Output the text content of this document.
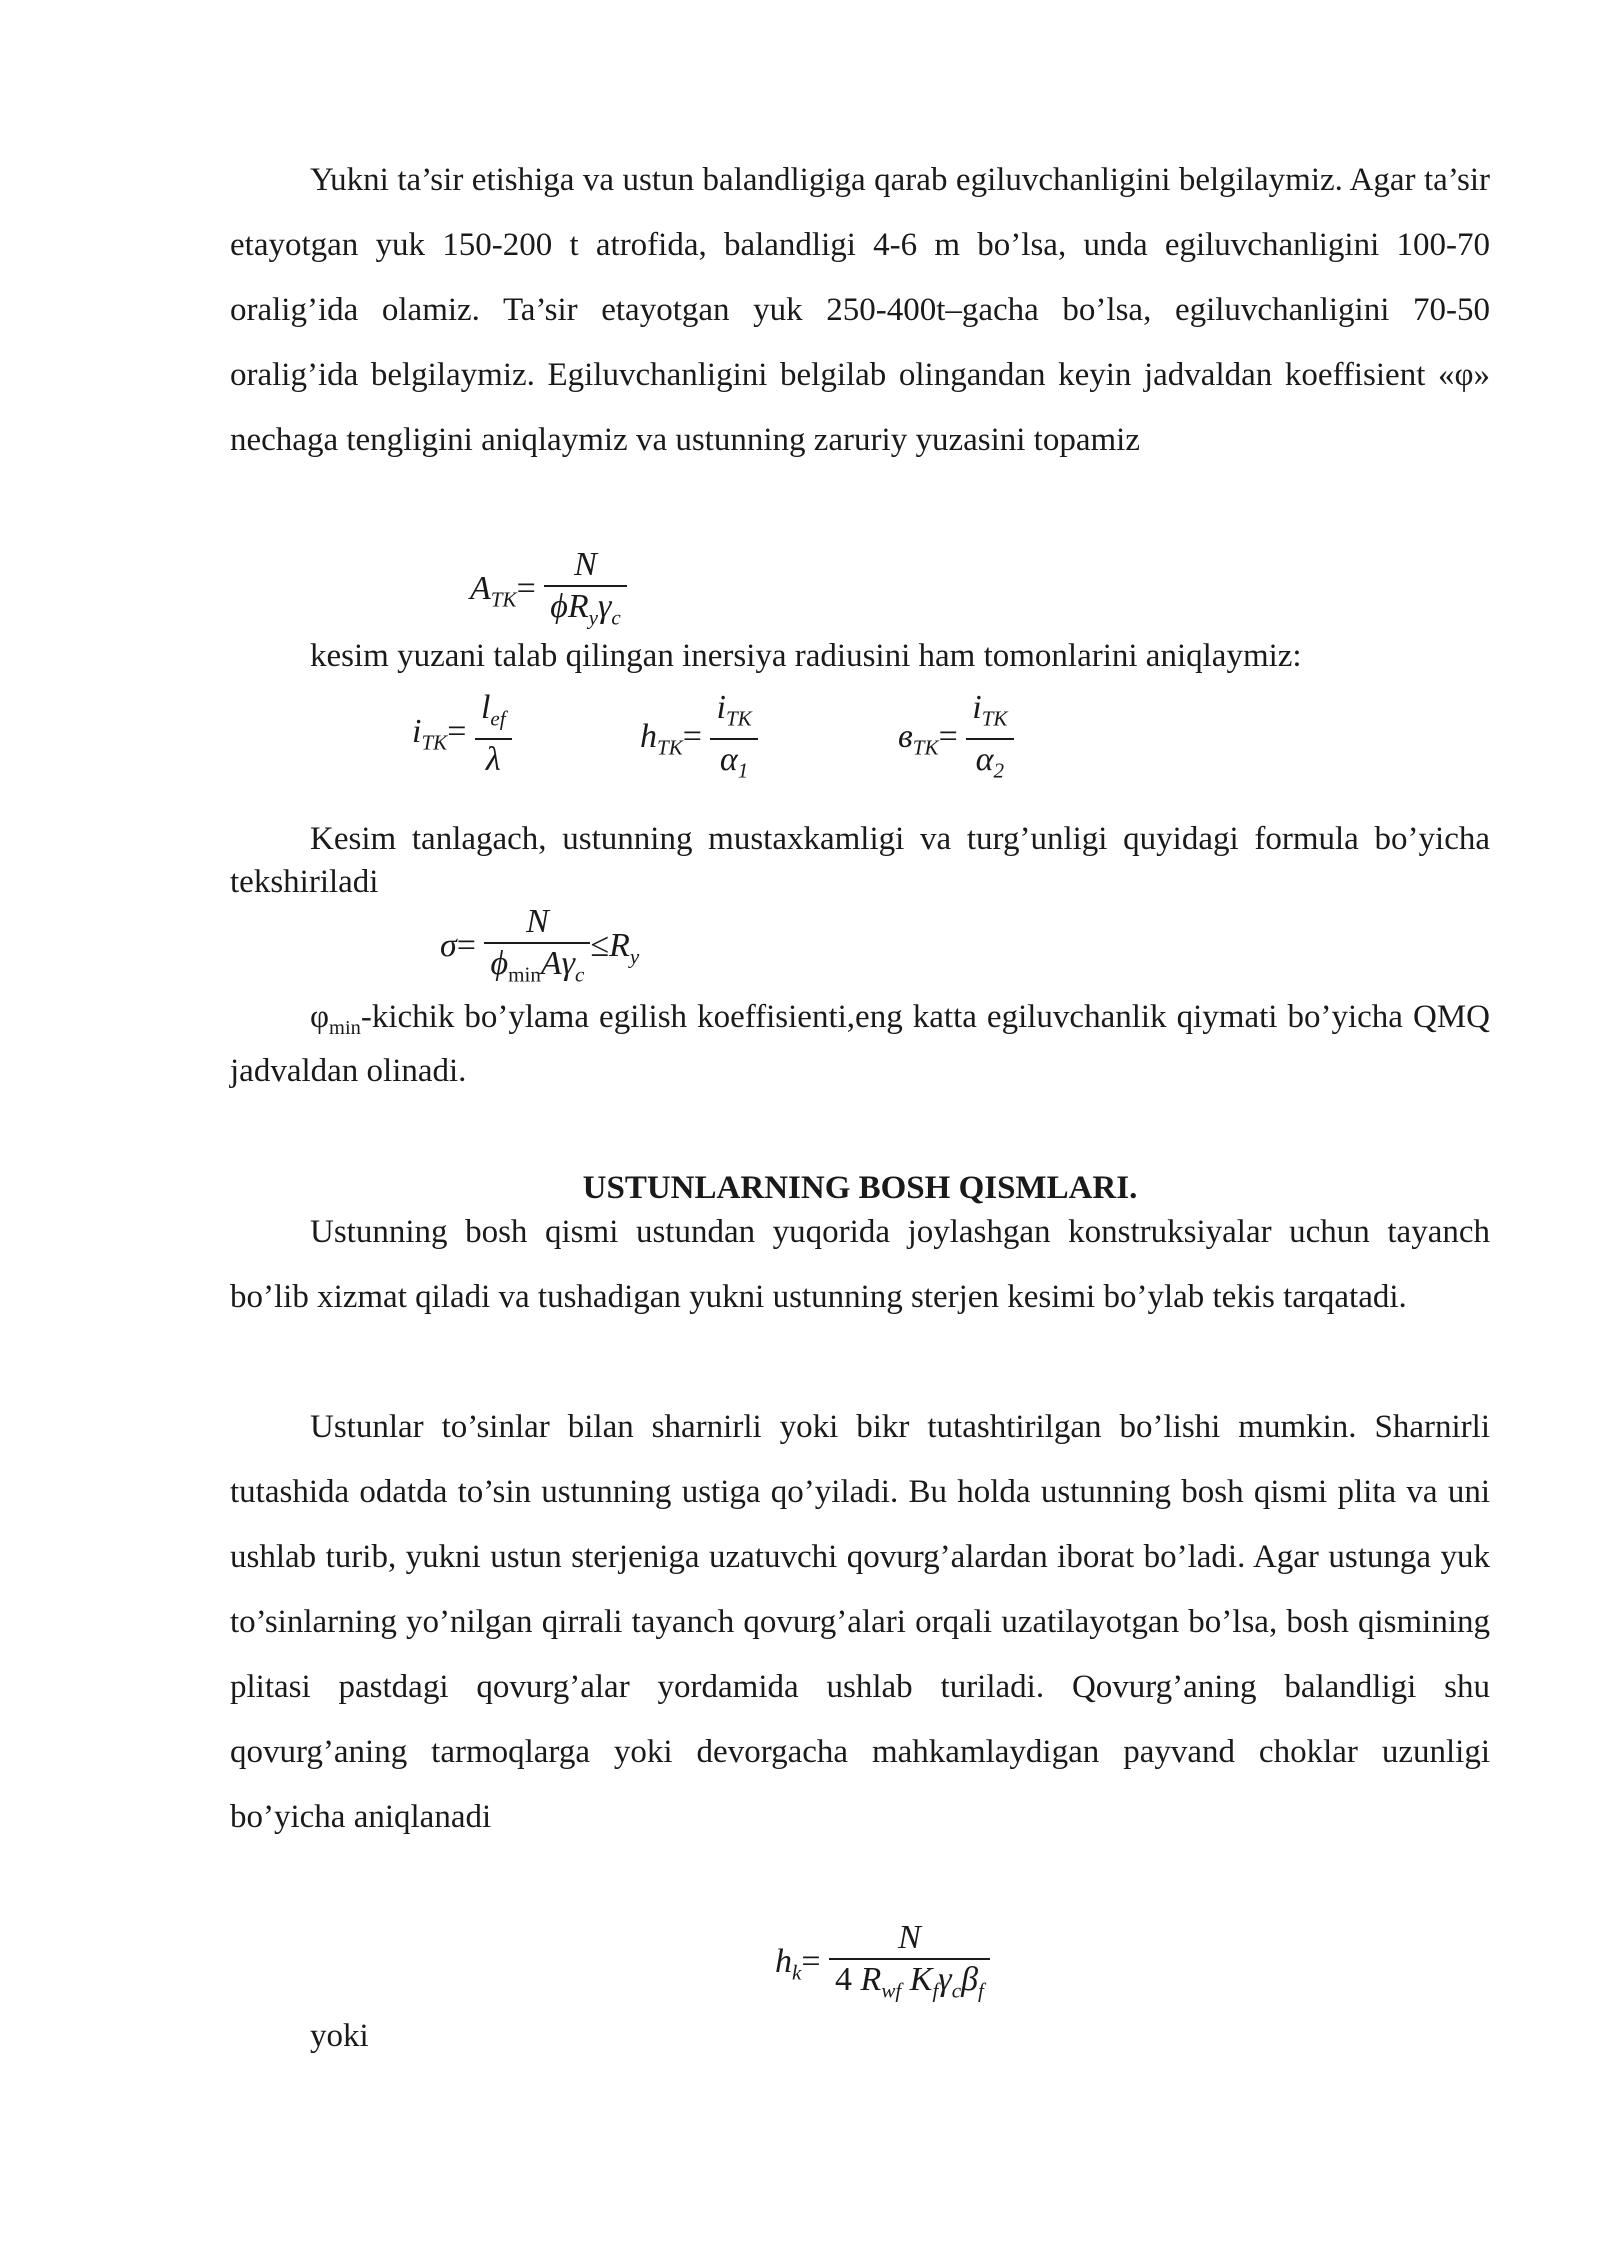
Yukni ta’sir etishiga va ustun balandligiga qarab egiluvchanligini belgilaymiz. Agar ta’sir etayotgan yuk 150-200 t atrofida, balandligi 4-6 m bo’lsa, unda egiluvchanligini 100-70 oralig’ida olamiz. Ta’sir etayotgan yuk 250-400t–gacha bo’lsa, egiluvchanligini 70-50 oralig’ida belgilaymiz. Egiluvchanligini belgilab olingandan keyin jadvaldan koeffisient «φ» nechaga tengligini aniqlaymiz va ustunning zaruriy yuzasini topamiz
$A_{TK}= \frac{N}{\phi R_y\gamma_c}$
kesim yuzani talab qilingan inersiya radiusini ham tomonlarini aniqlaymiz:
$i_{TK}= \frac{l_{ef}}{\lambda}$	$h_{TK}= \frac{i_{TK}}{\alpha_1}$	$в_{TK}= \frac{i_{TK}}{\alpha_2}$
Kesim tanlagach, ustunning mustaxkamligi va turg’unligi quyidagi formula bo’yicha tekshiriladi
$\sigma= \frac{N}{\phi_{min}A\gamma_c} \le R_y$
$\varphi_{min}$-kichik bo’ylama egilish koeffisienti,eng katta egiluvchanlik qiymati bo’yicha QMQ jadvaldan olinadi.
USTUNLARNING BOSH QISMLARI.
Ustunning bosh qismi ustundan yuqorida joylashgan konstruksiyalar uchun tayanch bo’lib xizmat qiladi va tushadigan yukni ustunning sterjen kesimi bo’ylab tekis tarqatadi.
Ustunlar to’sinlar bilan sharnirli yoki bikr tutashtirilgan bo’lishi mumkin. Sharnirli tutashida odatda to’sin ustunning ustiga qo’yiladi. Bu holda ustunning bosh qismi plita va uni ushlab turib, yukni ustun sterjeniga uzatuvchi qovurg’alardan iborat bo’ladi. Agar ustunga yuk to’sinlarning yo’nilgan qirrali tayanch qovurg’alari orqali uzatilayotgan bo’lsa, bosh qismining plitasi pastdagi qovurg’alar yordamida ushlab turiladi. Qovurg’aning balandligi shu qovurg’aning tarmoqlarga yoki devorgacha mahkamlaydigan payvand choklar uzunligi bo’yicha aniqlanadi
$h_k= \frac{N}{4 R_{wf} K_f\gamma_c\beta_f}$
yoki
